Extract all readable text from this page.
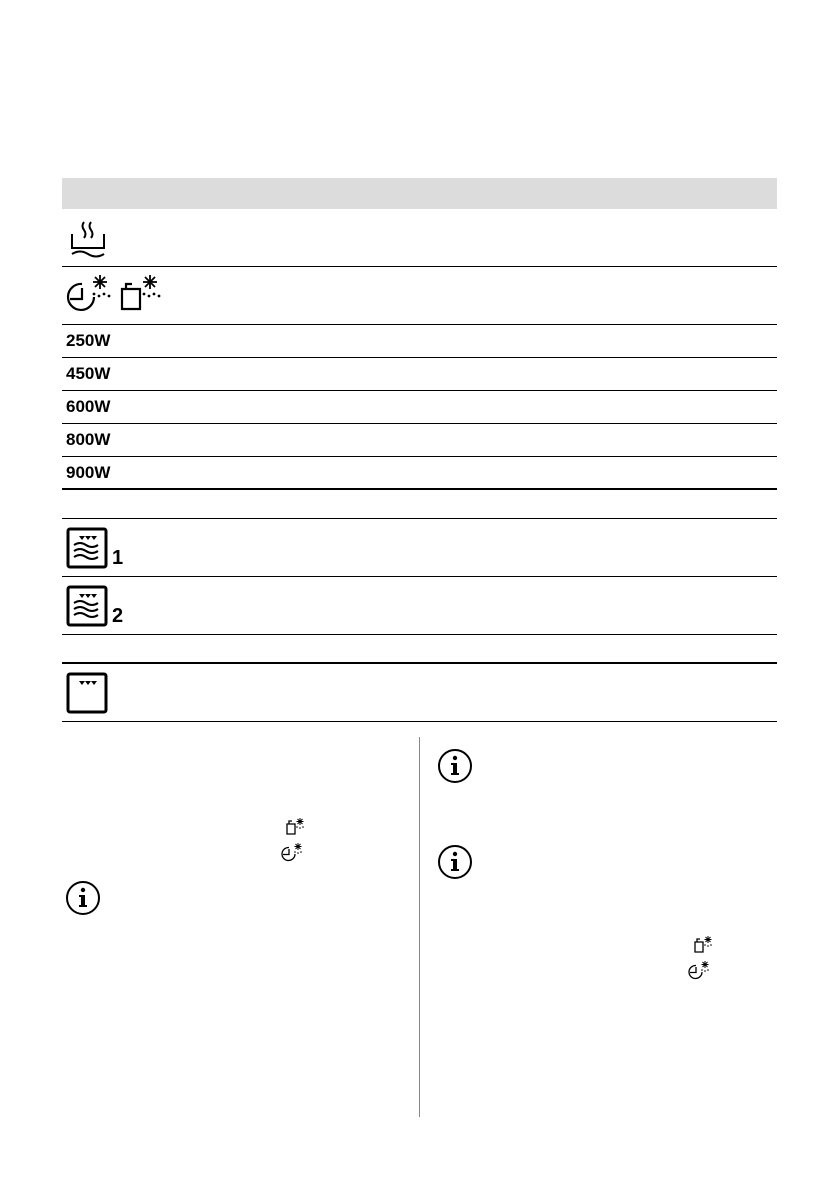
250W
450W
600W
800W
900W
1
2
